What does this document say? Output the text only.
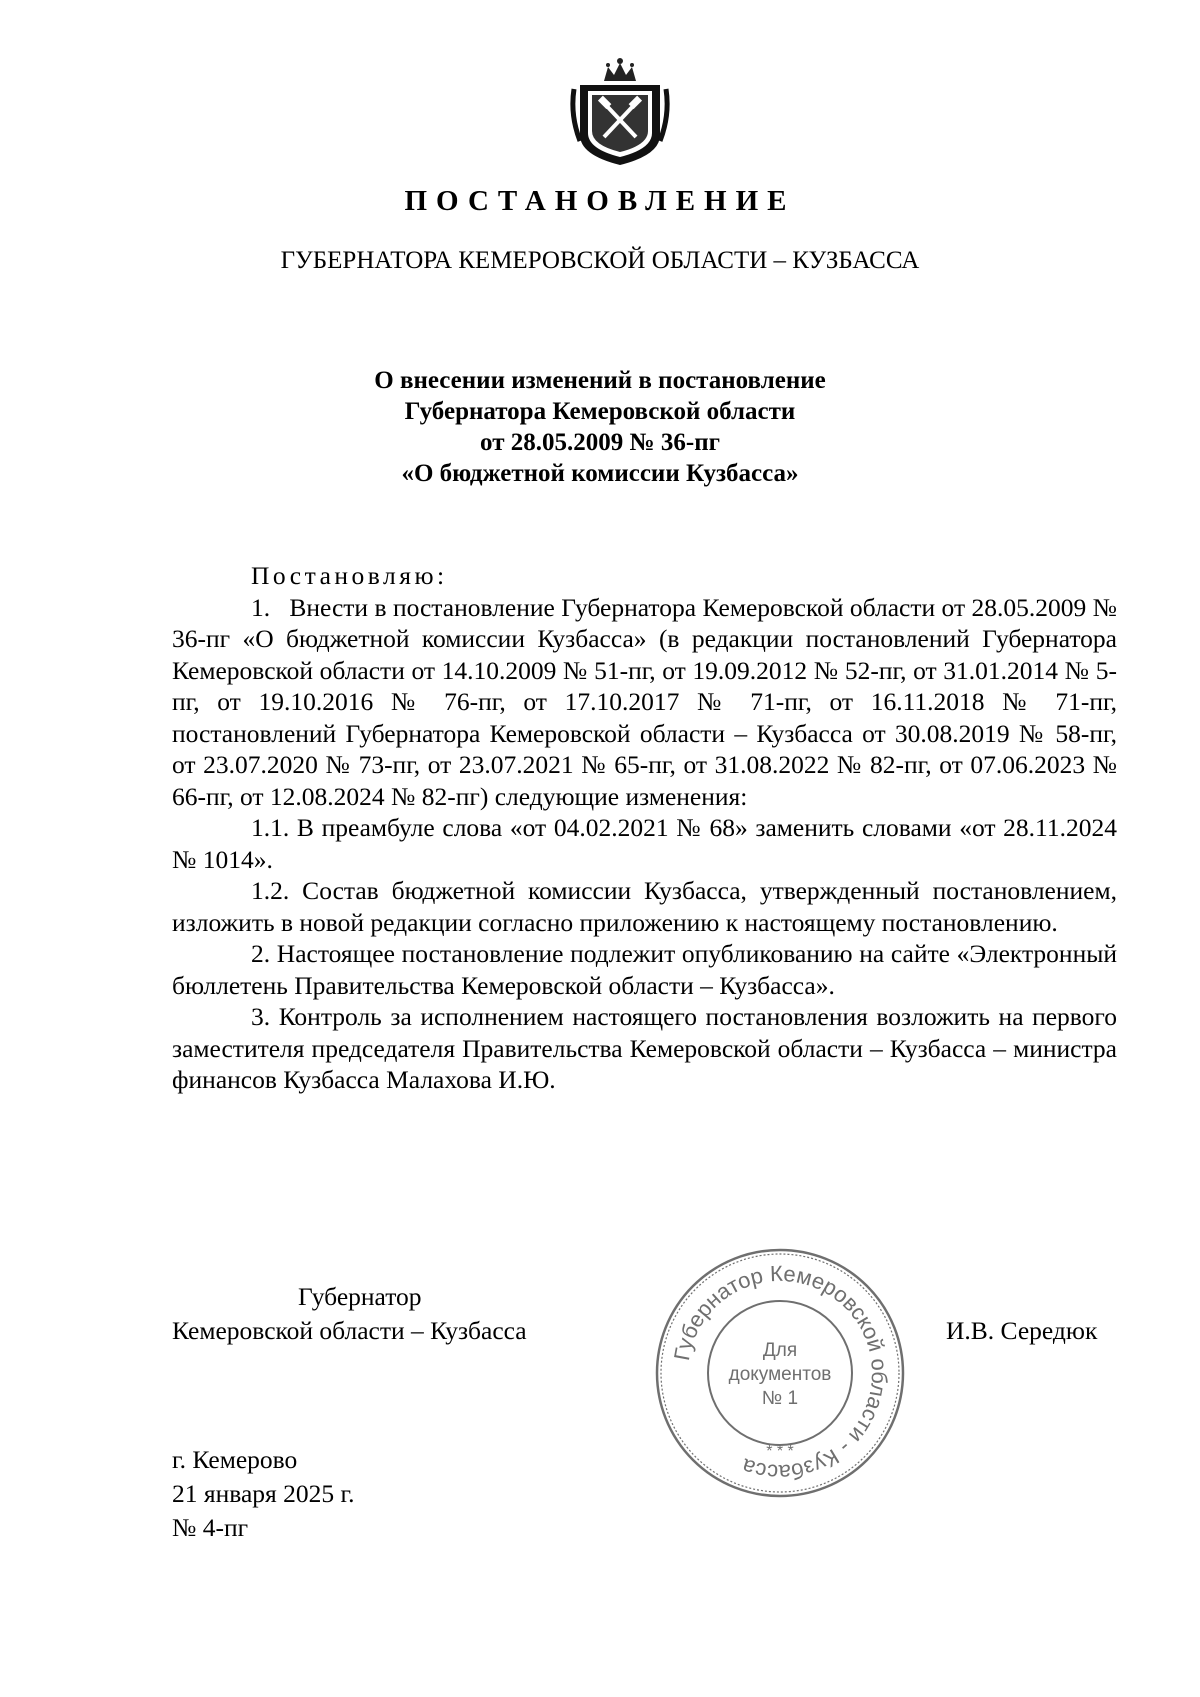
ПОСТАНОВЛЕНИЕ
ГУБЕРНАТОРА КЕМЕРОВСКОЙ ОБЛАСТИ – КУЗБАССА
О внесении изменений в постановление
Губернатора Кемеровской области
от 28.05.2009 № 36-пг
«О бюджетной комиссии Кузбасса»

Постановляю:

1.   Внести в постановление Губернатора Кемеровской области от 28.05.2009 № 36-пг «О бюджетной комиссии Кузбасса» (в редакции постановлений Губернатора Кемеровской области от 14.10.2009 № 51-пг, от 19.09.2012 № 52-пг, от 31.01.2014 № 5-пг, от 19.10.2016 № 76-пг, от 17.10.2017 № 71-пг, от 16.11.2018 № 71-пг, постановлений Губернатора Кемеровской области – Кузбасса от 30.08.2019 № 58-пг, от 23.07.2020 № 73-пг, от 23.07.2021 № 65-пг, от 31.08.2022 № 82-пг, от 07.06.2023 № 66-пг, от 12.08.2024 № 82-пг) следующие изменения:

1.1. В преамбуле слова «от 04.02.2021 № 68» заменить словами «от 28.11.2024 № 1014».

1.2. Состав бюджетной комиссии Кузбасса, утвержденный постановлением, изложить в новой редакции согласно приложению к настоящему постановлению.

2. Настоящее постановление подлежит опубликованию на сайте «Электронный бюллетень Правительства Кемеровской области – Кузбасса».

3. Контроль за исполнением настоящего постановления возложить на первого заместителя председателя Правительства Кемеровской области – Кузбасса – министра финансов Кузбасса Малахова И.Ю.

Губернатор
Кемеровской области – Кузбасса	И.В. Середюк
Губернатор Кемеровской области - Кузбасса
Для
документов
№ 1
* * *
г. Кемерово
21 января 2025 г.
№ 4-пг
